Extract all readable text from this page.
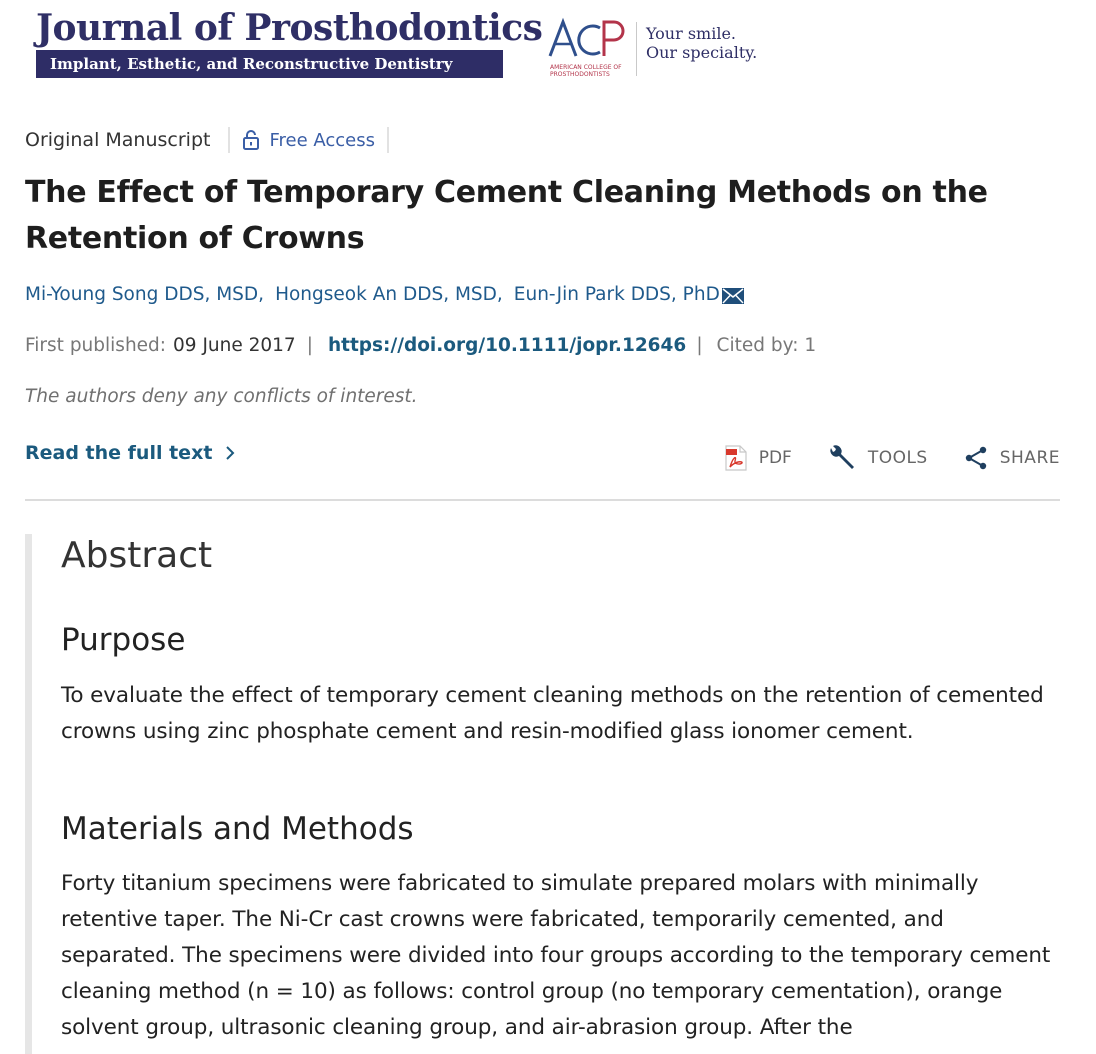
Journal of Prosthodontics
Implant, Esthetic, and Reconstructive Dentistry	AMERICAN COLLEGE OF
PROSTHODONTISTS
Your smile.
Our specialty.
Original Manuscript	Free Access
The Effect of Temporary Cement Cleaning Methods on the Retention of Crowns
Mi-Young Song DDS, MSD, Hongseok An DDS, MSD, Eun-Jin Park DDS, PhD
First published: 09 June 2017 | https://doi.org/10.1111/jopr.12646 | Cited by: 1
The authors deny any conflicts of interest.
Read the full text	PDF	TOOLS	SHARE
Abstract
Purpose

To evaluate the effect of temporary cement cleaning methods on the retention of cemented crowns using zinc phosphate cement and resin-modified glass ionomer cement.

Materials and Methods

Forty titanium specimens were fabricated to simulate prepared molars with minimally retentive taper. The Ni-Cr cast crowns were fabricated, temporarily cemented, and separated. The specimens were divided into four groups according to the temporary cement cleaning method (n = 10) as follows: control group (no temporary cementation), orange solvent group, ultrasonic cleaning group, and air-abrasion group. After the
